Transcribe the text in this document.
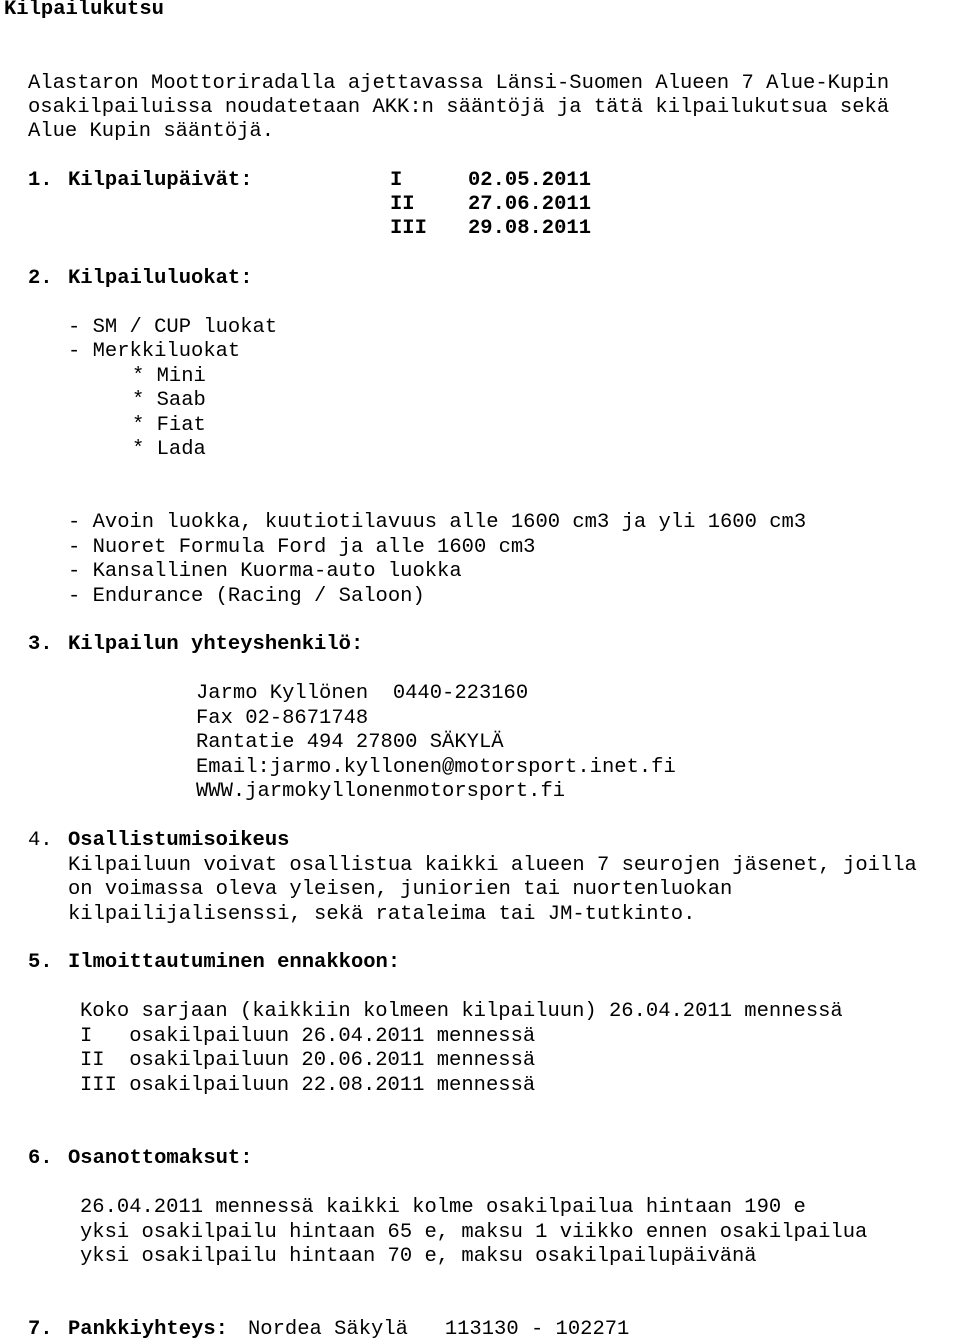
Kilpailukutsu
Alastaron Moottoriradalla ajettavassa Länsi-Suomen Alueen 7 Alue-Kupin
osakilpailuissa noudatetaan AKK:n sääntöjä ja tätä kilpailukutsua sekä
Alue Kupin sääntöjä.
1. Kilpailupäivät:	I	02.05.2011
II	27.06.2011
III 29.08.2011
2. Kilpailuluokat:
- SM / CUP luokat
- Merkkiluokat
* Mini
* Saab
* Fiat
* Lada
- Avoin luokka, kuutiotilavuus alle 1600 cm3 ja yli 1600 cm3
- Nuoret Formula Ford ja alle 1600 cm3
- Kansallinen Kuorma-auto luokka
- Endurance (Racing / Saloon)
3. Kilpailun yhteyshenkilö:
Jarmo Kyllönen  0440-223160
Fax 02-8671748
Rantatie 494 27800 SÄKYLÄ
Email:jarmo.kyllonen@motorsport.inet.fi
WWW.jarmokyllonenmotorsport.fi
4. Osallistumisoikeus
Kilpailuun voivat osallistua kaikki alueen 7 seurojen jäsenet, joilla
on voimassa oleva yleisen, juniorien tai nuortenluokan
kilpailijalisenssi, sekä rataleima tai JM-tutkinto.
5. Ilmoittautuminen ennakkoon:
Koko sarjaan (kaikkiin kolmeen kilpailuun) 26.04.2011 mennessä
I   osakilpailuun 26.04.2011 mennessä
II  osakilpailuun 20.06.2011 mennessä
III osakilpailuun 22.08.2011 mennessä
6. Osanottomaksut:
26.04.2011 mennessä kaikki kolme osakilpailua hintaan 190 e
yksi osakilpailu hintaan 65 e, maksu 1 viikko ennen osakilpailua
yksi osakilpailu hintaan 70 e, maksu osakilpailupäivänä
7. Pankkiyhteys: Nordea Säkylä   113130 - 102271
